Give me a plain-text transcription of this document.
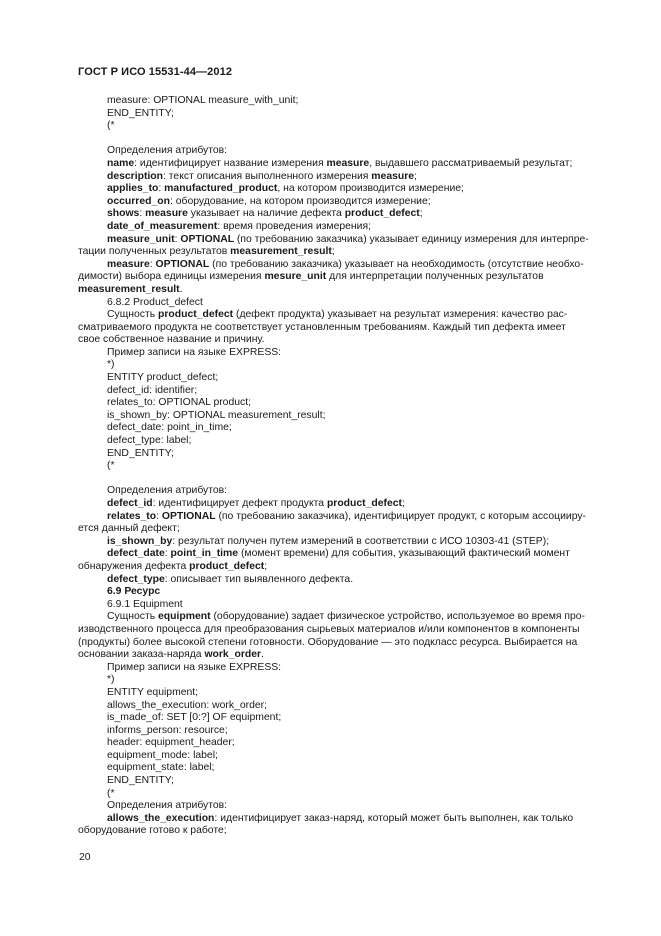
ГОСТ Р ИСО 15531-44—2012
measure: OPTIONAL measure_with_unit;
END_ENTITY;
(*
Определения атрибутов:
name: идентифицирует название измерения measure, выдавшего рассматриваемый результат;
description: текст описания выполненного измерения measure;
applies_to: manufactured_product, на котором производится измерение;
occurred_on: оборудование, на котором производится измерение;
shows: measure указывает на наличие дефекта product_defect;
date_of_measurement: время проведения измерения;
measure_unit: OPTIONAL (по требованию заказчика) указывает единицу измерения для интерпре-
тации полученных результатов measurement_result;
measure: OPTIONAL (по требованию заказчика) указывает на необходимость (отсутствие необхо-
димости) выбора единицы измерения mesure_unit для интерпретации полученных результатов
measurement_result.
6.8.2 Product_defect
Сущность product_defect (дефект продукта) указывает на результат измерения: качество рас-
сматриваемого продукта не соответствует установленным требованиям. Каждый тип дефекта имеет
свое собственное название и причину.
Пример записи на языке EXPRESS:
*)
ENTITY product_defect;
defect_id: identifier;
relates_to: OPTIONAL product;
is_shown_by: OPTIONAL measurement_result;
defect_date: point_in_time;
defect_type: label;
END_ENTITY;
(*
Определения атрибутов:
defect_id: идентифицирует дефект продукта product_defect;
relates_to: OPTIONAL (по требованию заказчика), идентифицирует продукт, с которым ассоцииру-
ется данный дефект;
is_shown_by: результат получен путем измерений в соответствии с ИСО 10303-41 (STEP);
defect_date: point_in_time (момент времени) для события, указывающий фактический момент
обнаружения дефекта product_defect;
defect_type: описывает тип выявленного дефекта.
6.9 Ресурс
6.9.1 Equipment
Сущность equipment (оборудование) задает физическое устройство, используемое во время про-
изводственного процесса для преобразования сырьевых материалов и/или компонентов в компоненты
(продукты) более высокой степени готовности. Оборудование — это подкласс ресурса. Выбирается на
основании заказа-наряда work_order.
Пример записи на языке EXPRESS:
*)
ENTITY equipment;
allows_the_execution: work_order;
is_made_of: SET [0:?] OF equipment;
informs_person: resource;
header: equipment_header;
equipment_mode: label;
equipment_state: label;
END_ENTITY;
(*
Определения атрибутов:
allows_the_execution: идентифицирует заказ-наряд, который может быть выполнен, как только
оборудование готово к работе;
20
